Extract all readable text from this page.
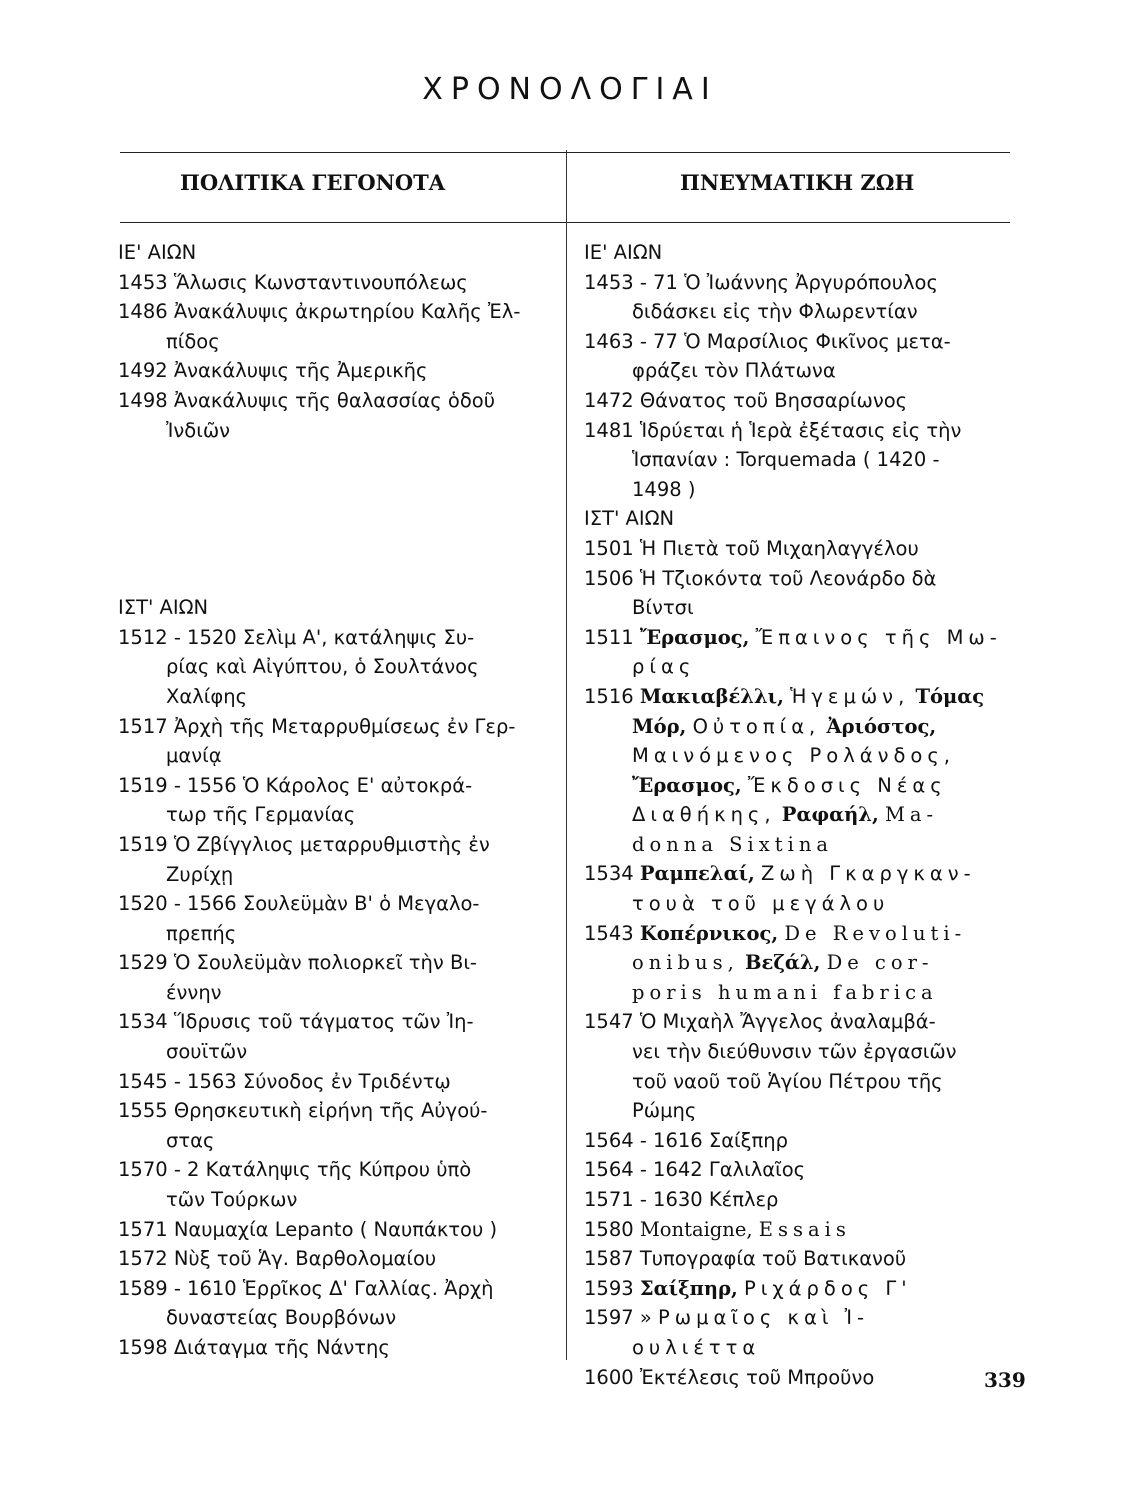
ΧΡΟΝΟΛΟΓΙΑΙ
ΠΟΛΙΤΙΚΑ ΓΕΓΟΝΟΤΑ	ΠΝΕΥΜΑΤΙΚΗ ΖΩΗ
ΙΕ' ΑΙΩΝ
1453 Ἅλωσις Κωνσταντινουπόλεως
1486 Ἀνακάλυψις ἀκρωτηρίου Καλῆς Ἐλ-
πίδος
1492 Ἀνακάλυψις τῆς Ἀμερικῆς
1498 Ἀνακάλυψις τῆς θαλασσίας ὁδοῦ
Ἰνδιῶν
ΙΣΤ' ΑΙΩΝ
1512 - 1520 Σελὶμ Α', κατάληψις Συ-
ρίας καὶ Αἰγύπτου, ὁ Σουλτάνος
Χαλίφης
1517 Ἀρχὴ τῆς Μεταρρυθμίσεως ἐν Γερ-
μανίᾳ
1519 - 1556 Ὁ Κάρολος Ε' αὐτοκρά-
τωρ τῆς Γερμανίας
1519 Ὁ Ζβίγγλιος μεταρρυθμιστὴς ἐν
Ζυρίχῃ
1520 - 1566 Σουλεϋμὰν Β' ὁ Μεγαλο-
πρεπής
1529 Ὁ Σουλεϋμὰν πολιορκεῖ τὴν Βι-
έννην
1534 Ἵδρυσις τοῦ τάγματος τῶν Ἰη-
σουϊτῶν
1545 - 1563 Σύνοδος ἐν Τριδέντῳ
1555 Θρησκευτικὴ εἰρήνη τῆς Αὐγού-
στας
1570 - 2 Κατάληψις τῆς Κύπρου ὑπὸ
τῶν Τούρκων
1571 Ναυμαχία Lepanto ( Ναυπάκτου )
1572 Νὺξ τοῦ Ἁγ. Βαρθολομαίου
1589 - 1610 Ἑρρῖκος Δ' Γαλλίας. Ἀρχὴ
δυναστείας Βουρβόνων
1598 Διάταγμα τῆς Νάντης
ΙΕ' ΑΙΩΝ
1453 - 71 Ὁ Ἰωάννης Ἀργυρόπουλος
διδάσκει εἰς τὴν Φλωρεντίαν
1463 - 77 Ὁ Μαρσίλιος Φικῖνος μετα-
φράζει τὸν Πλάτωνα
1472 Θάνατος τοῦ Βησσαρίωνος
1481 Ἱδρύεται ἡ Ἱερὰ ἐξέτασις εἰς τὴν
Ἱσπανίαν : Torquemada ( 1420 -
1498 )
ΙΣΤ' ΑΙΩΝ
1501 Ἡ Πιετὰ τοῦ Μιχαηλαγγέλου
1506 Ἡ Τζιοκόντα τοῦ Λεονάρδο δὰ
Βίντσι
1511 Ἔρασμος, Ἔπαινος τῆς Μω-
ρίας
1516 Μακιαβέλλι, Ἡγεμών, Τόμας
Μόρ, Οὐτοπία, Ἀριόστος,
Μαινόμενος Ρολάνδος,
Ἔρασμος, Ἔκδοσις Νέας
Διαθήκης, Ραφαήλ, Ma-
donna Sixtina
1534 Ραμπελαί, Ζωὴ Γκαργκαν-
τουὰ τοῦ μεγάλου
1543 Κοπέρνικος, De Revoluti-
onibus, Βεζάλ, De cor-
poris humani fabrica
1547 Ὁ Μιχαὴλ Ἄγγελος ἀναλαμβά-
νει τὴν διεύθυνσιν τῶν ἐργασιῶν
τοῦ ναοῦ τοῦ Ἁγίου Πέτρου τῆς
Ρώμης
1564 - 1616 Σαίξπηρ
1564 - 1642 Γαλιλαῖος
1571 - 1630 Κέπλερ
1580 Montaigne, Essais
1587 Τυπογραφία τοῦ Βατικανοῦ
1593 Σαίξπηρ, Ριχάρδος Γ'
1597 » Ρωμαῖος καὶ Ἰ-
ουλιέττα
1600 Ἐκτέλεσις τοῦ Μπροῦνο	339
